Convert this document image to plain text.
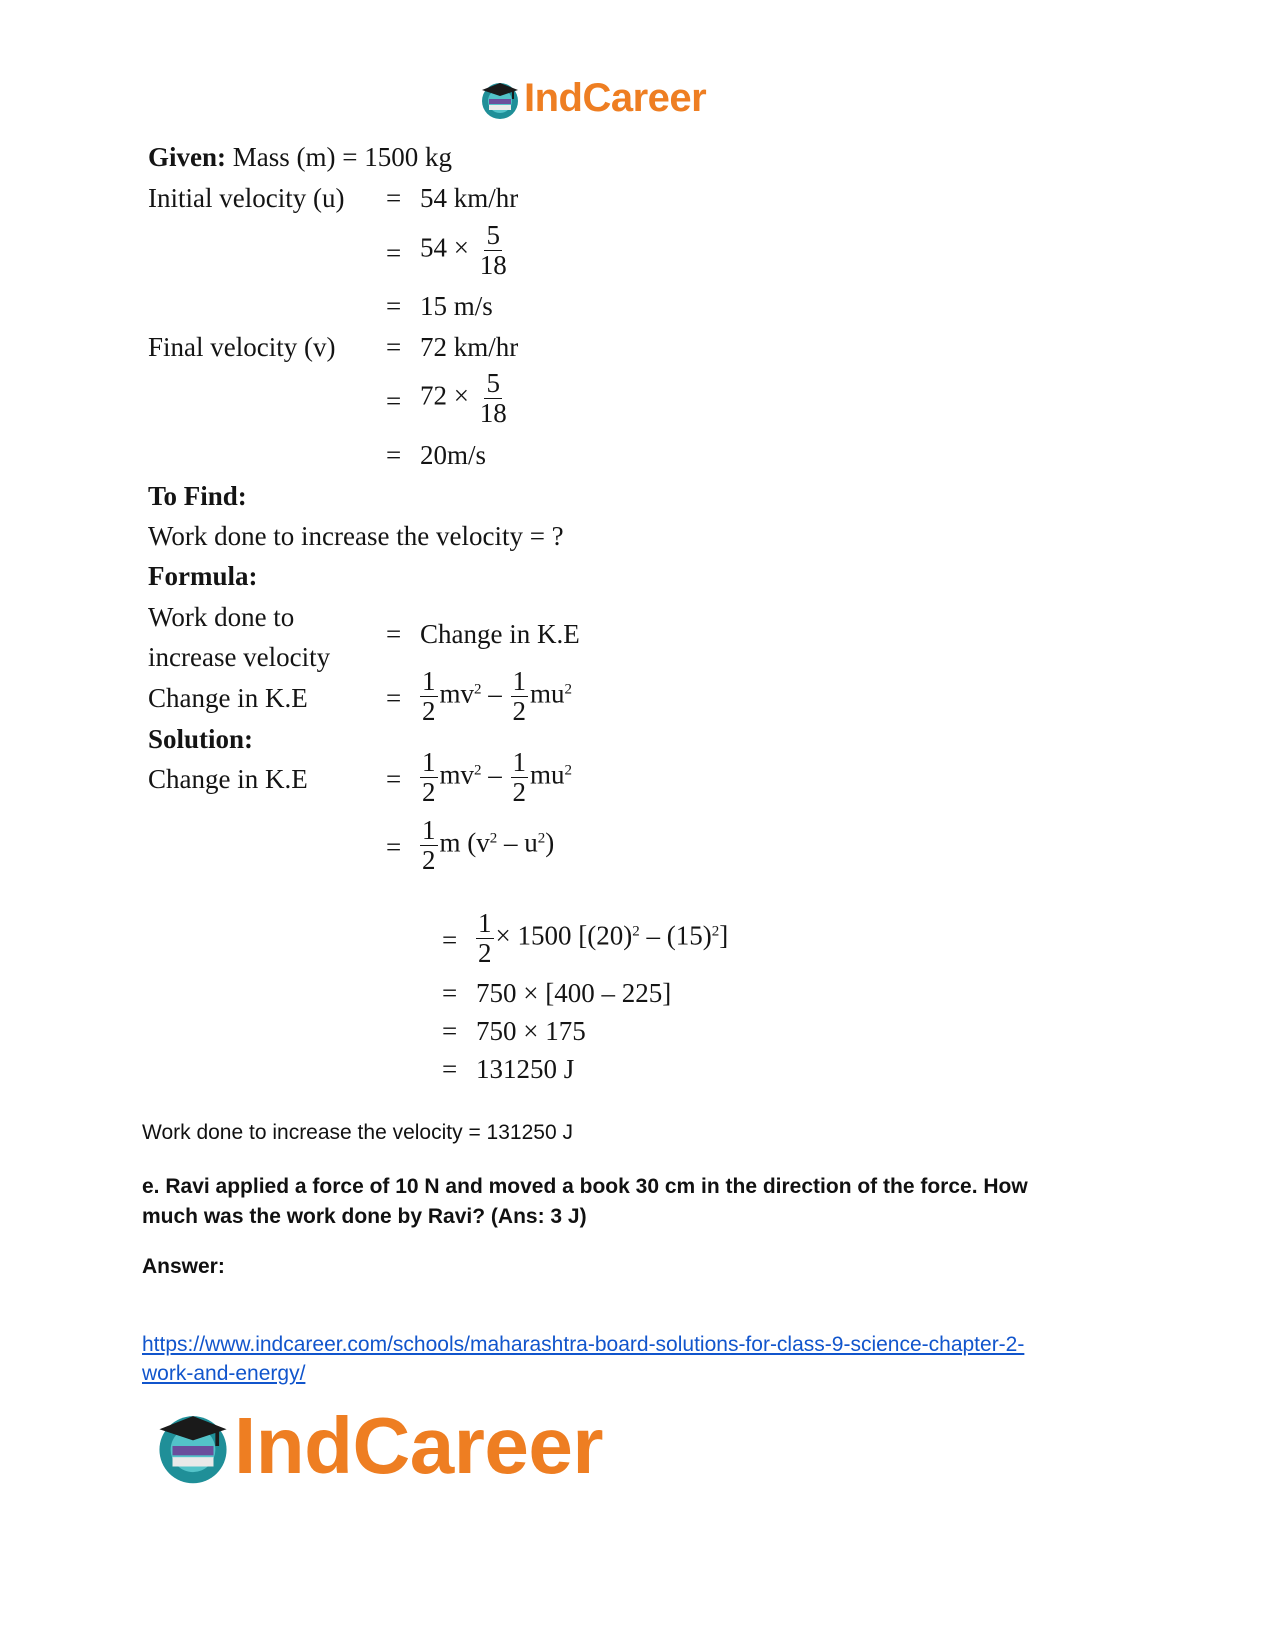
IndCareer
Given: Mass (m) = 1500 kg
Initial velocity (u) = 54 km/hr
= $54 \times \frac{5}{18}$
= 15 m/s
Final velocity (v) = 72 km/hr
= $72 \times \frac{5}{18}$
= 20m/s
To Find:
Work done to increase the velocity = ?
Formula:
Work done to
increase velocity
= Change in K.E
Change in K.E	= $\frac{1}{2} mv^2 - \frac{1}{2} mu^2$
Solution:
Change in K.E	= $\frac{1}{2} mv^2 - \frac{1}{2} mu^2$
= $\frac{1}{2}$ m $(v^2 - u^2)$
= $\frac{1}{2} \times 1500$ $[(20)^2 - (15)^2]$
= 750 × [400 – 225]
= 750 × 175
= 131250 J
Work done to increase the velocity = 131250 J
e. Ravi applied a force of 10 N and moved a book 30 cm in the direction of the force. How much was the work done by Ravi? (Ans: 3 J)
Answer:
https://www.indcareer.com/schools/maharashtra-board-solutions-for-class-9-science-chapter-2-
work-and-energy/
IndCareer
